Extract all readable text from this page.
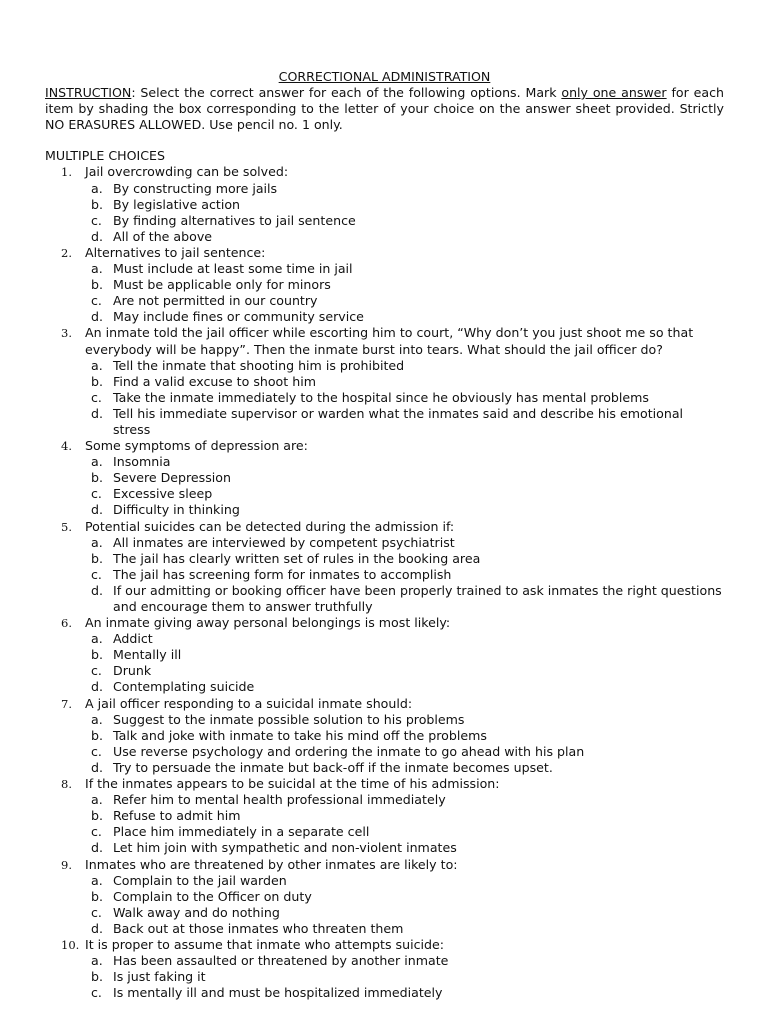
CORRECTIONAL ADMINISTRATION
INSTRUCTION: Select the correct answer for each of the following options. Mark only one answer for each item by shading the box corresponding to the letter of your choice on the answer sheet provided. Strictly NO ERASURES ALLOWED. Use pencil no. 1 only.
MULTIPLE CHOICES
1. Jail overcrowding can be solved:
a. By constructing more jails
b. By legislative action
c. By finding alternatives to jail sentence
d. All of the above
2. Alternatives to jail sentence:
a. Must include at least some time in jail
b. Must be applicable only for minors
c. Are not permitted in our country
d. May include fines or community service
3. An inmate told the jail officer while escorting him to court, “Why don’t you just shoot me so that everybody will be happy”. Then the inmate burst into tears. What should the jail officer do?
a. Tell the inmate that shooting him is prohibited
b. Find a valid excuse to shoot him
c. Take the inmate immediately to the hospital since he obviously has mental problems
d. Tell his immediate supervisor or warden what the inmates said and describe his emotional stress
4. Some symptoms of depression are:
a. Insomnia
b. Severe Depression
c. Excessive sleep
d. Difficulty in thinking
5. Potential suicides can be detected during the admission if:
a. All inmates are interviewed by competent psychiatrist
b. The jail has clearly written set of rules in the booking area
c. The jail has screening form for inmates to accomplish
d. If our admitting or booking officer have been properly trained to ask inmates the right questions and encourage them to answer truthfully
6. An inmate giving away personal belongings is most likely:
a. Addict
b. Mentally ill
c. Drunk
d. Contemplating suicide
7. A jail officer responding to a suicidal inmate should:
a. Suggest to the inmate possible solution to his problems
b. Talk and joke with inmate to take his mind off the problems
c. Use reverse psychology and ordering the inmate to go ahead with his plan
d. Try to persuade the inmate but back-off if the inmate becomes upset.
8. If the inmates appears to be suicidal at the time of his admission:
a. Refer him to mental health professional immediately
b. Refuse to admit him
c. Place him immediately in a separate cell
d. Let him join with sympathetic and non-violent inmates
9. Inmates who are threatened by other inmates are likely to:
a. Complain to the jail warden
b. Complain to the Officer on duty
c. Walk away and do nothing
d. Back out at those inmates who threaten them
10. It is proper to assume that inmate who attempts suicide:
a. Has been assaulted or threatened by another inmate
b. Is just faking it
c. Is mentally ill and must be hospitalized immediately
